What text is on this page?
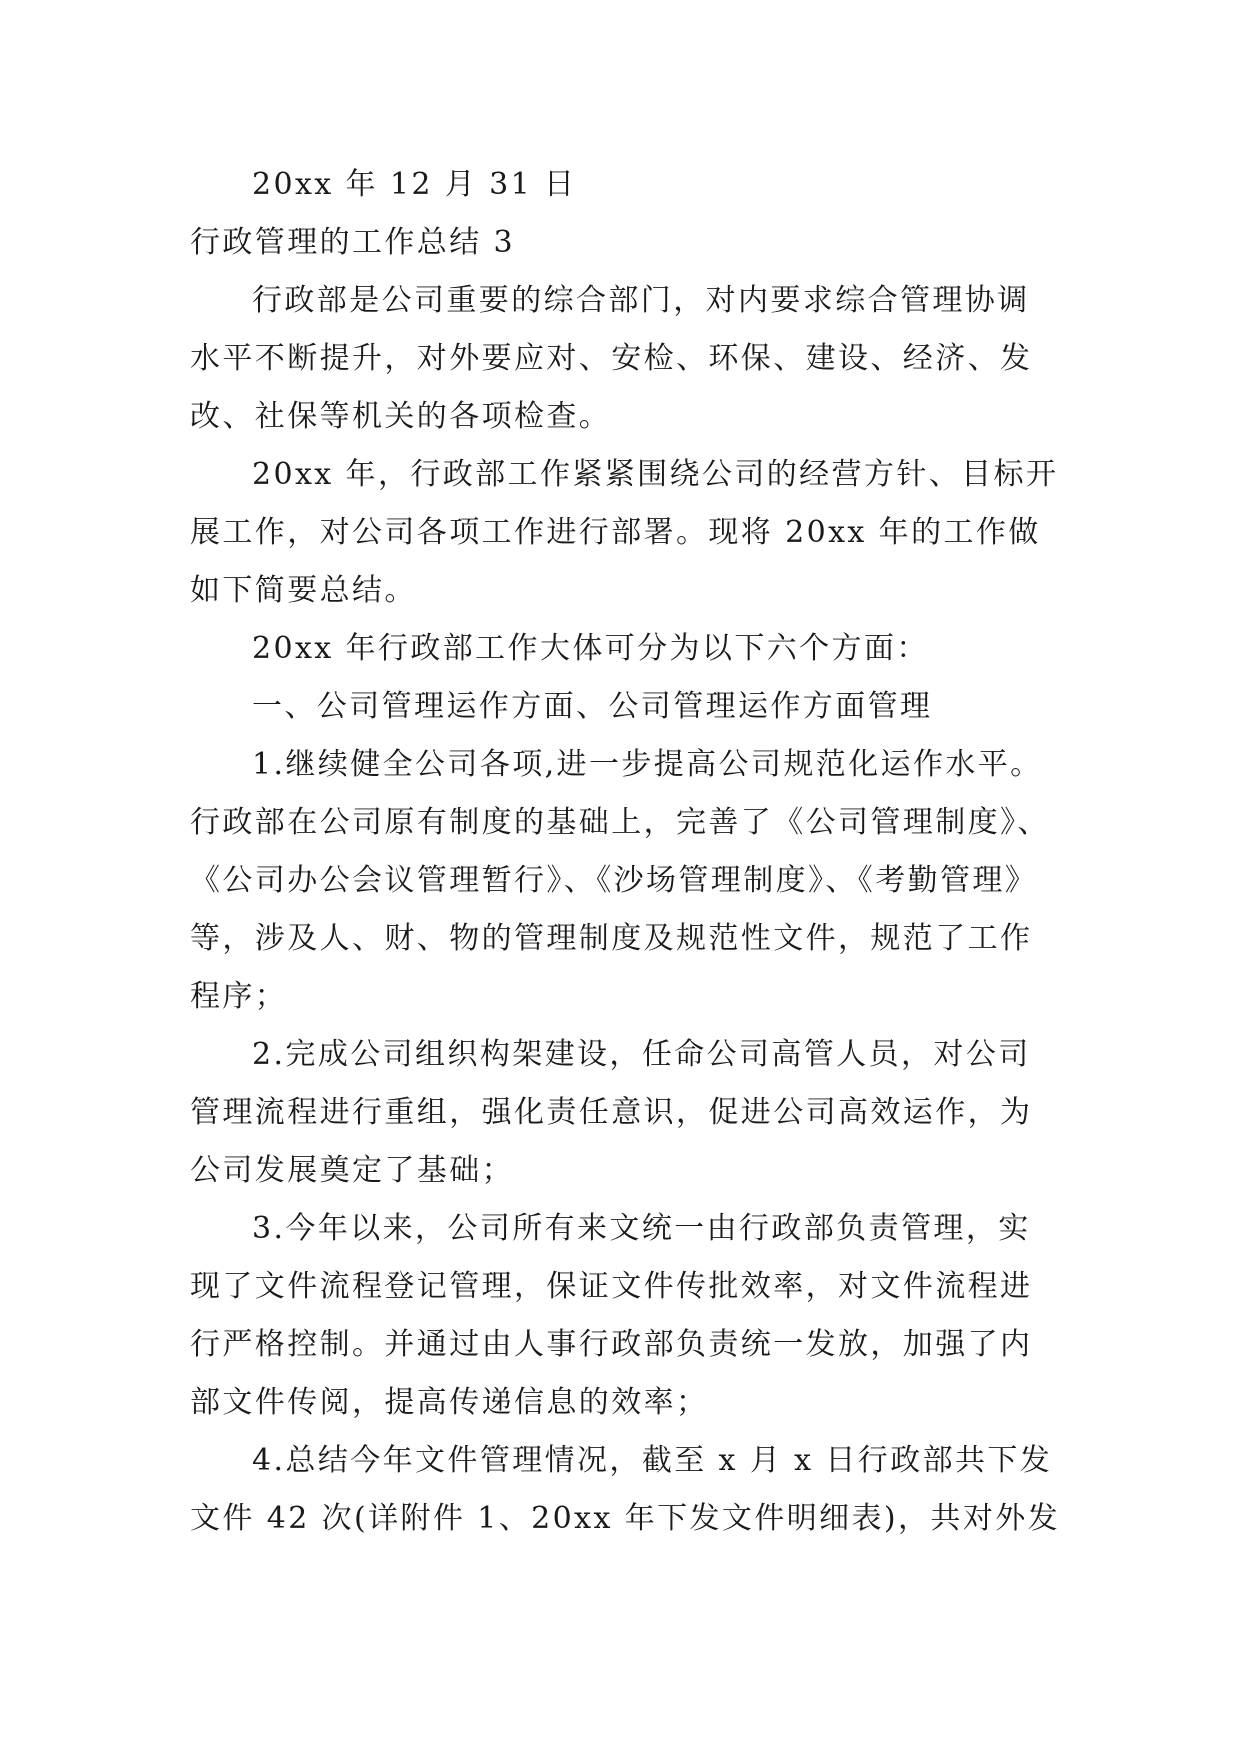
20xx 年 12 月 31 日
行政管理的工作总结 3
行政部是公司重要的综合部门，对内要求综合管理协调
水平不断提升，对外要应对、安检、环保、建设、经济、发
改、社保等机关的各项检查。
20xx 年，行政部工作紧紧围绕公司的经营方针、目标开
展工作，对公司各项工作进行部署。现将 20xx 年的工作做
如下简要总结。
20xx 年行政部工作大体可分为以下六个方面：
一、公司管理运作方面、公司管理运作方面管理
1.继续健全公司各项,进一步提高公司规范化运作水平。
行政部在公司原有制度的基础上，完善了《公司管理制度》、
《公司办公会议管理暂行》、《沙场管理制度》、《考勤管理》
等，涉及人、财、物的管理制度及规范性文件，规范了工作
程序；
2.完成公司组织构架建设，任命公司高管人员，对公司
管理流程进行重组，强化责任意识，促进公司高效运作，为
公司发展奠定了基础；
3.今年以来，公司所有来文统一由行政部负责管理，实
现了文件流程登记管理，保证文件传批效率，对文件流程进
行严格控制。并通过由人事行政部负责统一发放，加强了内
部文件传阅，提高传递信息的效率；
4.总结今年文件管理情况，截至 x 月 x 日行政部共下发
文件 42 次(详附件 1、20xx 年下发文件明细表)，共对外发
